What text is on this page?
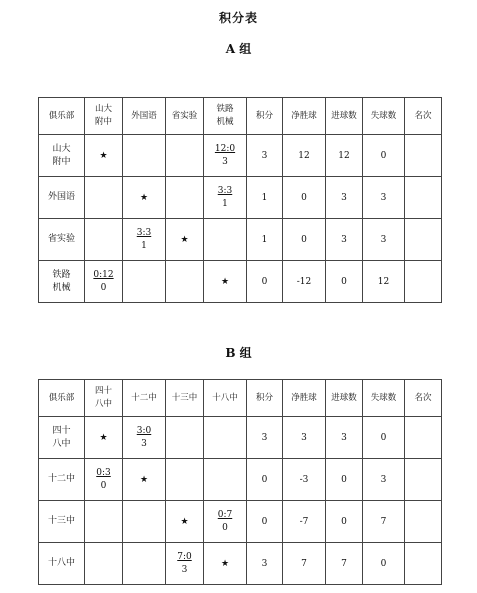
积分表
A 组
俱乐部	山大附中	外国语	省实验	铁路机械	积分	净胜球	进球数	失球数	名次
山大附中	★			$\frac{12:0}{3}$	3	12	12	0	
外国语		★		$\frac{3:3}{1}$	1	0	3	3	
省实验		$\frac{3:3}{1}$	★		1	0	3	3	
铁路机械	$\frac{0:12}{0}$			★	0	-12	0	12	
B 组
俱乐部	四十八中	十二中	十三中	十八中	积分	净胜球	进球数	失球数	名次
四十八中	★	$\frac{3:0}{3}$			3	3	3	0	
十二中	$\frac{0:3}{0}$	★			0	-3	0	3	
十三中			★	$\frac{0:7}{0}$	0	-7	0	7	
十八中			$\frac{7:0}{3}$	★	3	7	7	0	
